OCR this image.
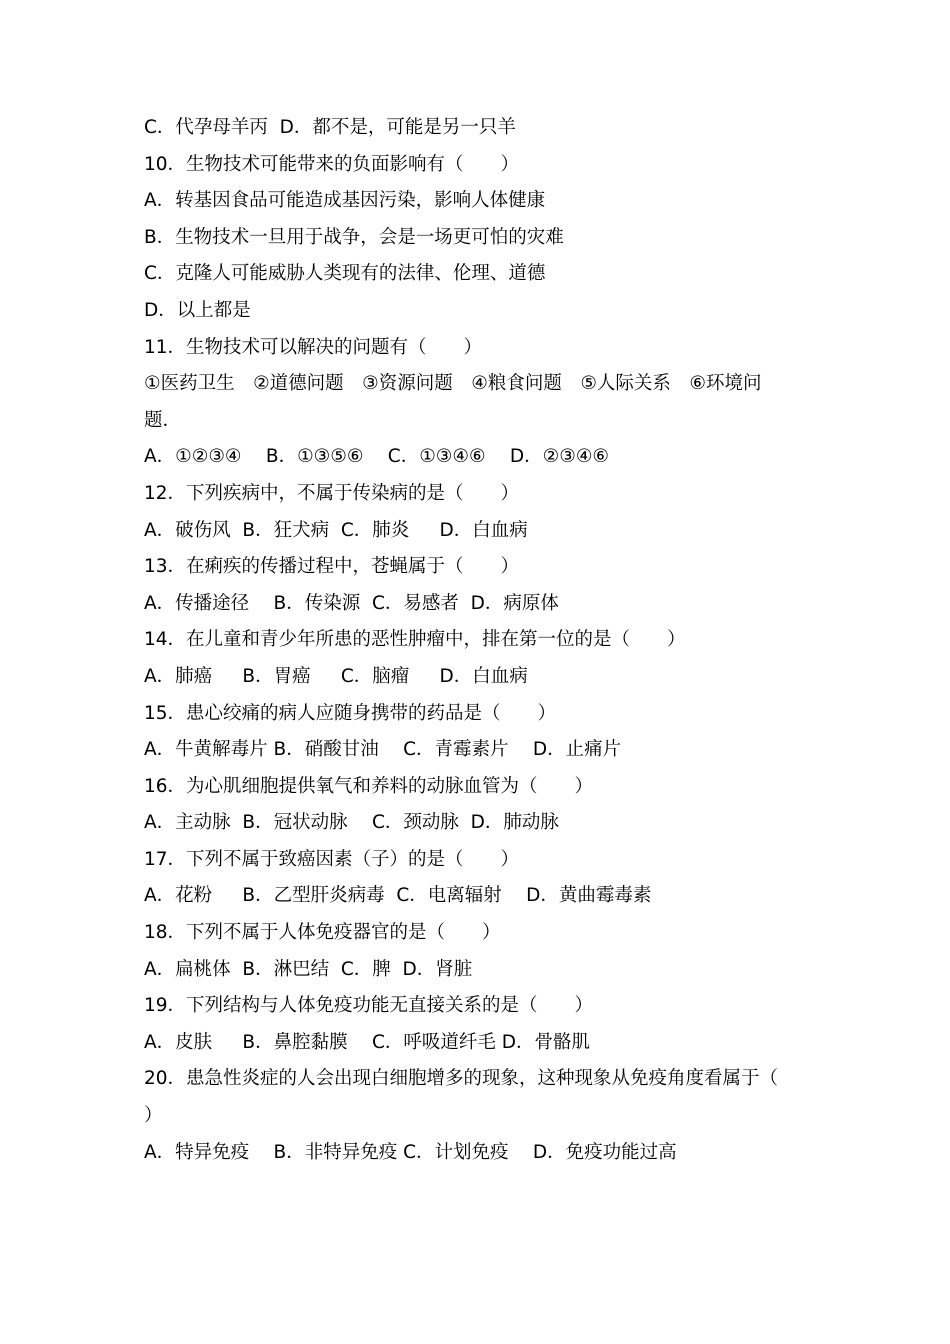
C．代孕母羊丙  D．都不是，可能是另一只羊
10．生物技术可能带来的负面影响有（　　）
A．转基因食品可能造成基因污染，影响人体健康
B．生物技术一旦用于战争，会是一场更可怕的灾难
C．克隆人可能威胁人类现有的法律、伦理、道德
D．以上都是
11．生物技术可以解决的问题有（　　）
①医药卫生　②道德问题　③资源问题　④粮食问题　⑤人际关系　⑥环境问
题．
A．①②③④　 B．①③⑤⑥　 C．①③④⑥　 D．②③④⑥
12．下列疾病中，不属于传染病的是（　　）
A．破伤风  B．狂犬病  C．肺炎　  D．白血病
13．在痢疾的传播过程中，苍蝇属于（　　）
A．传播途径　 B．传染源  C．易感者  D．病原体
14．在儿童和青少年所患的恶性肿瘤中，排在第一位的是（　　）
A．肺癌　  B．胃癌　  C．脑瘤　  D．白血病
15．患心绞痛的病人应随身携带的药品是（　　）
A．牛黄解毒片 B．硝酸甘油　 C．青霉素片　 D．止痛片
16．为心肌细胞提供氧气和养料的动脉血管为（　　）
A．主动脉  B．冠状动脉　 C．颈动脉  D．肺动脉
17．下列不属于致癌因素（子）的是（　　）
A．花粉　  B．乙型肝炎病毒  C．电离辐射　 D．黄曲霉毒素
18．下列不属于人体免疫器官的是（　　）
A．扁桃体  B．淋巴结  C．脾  D．肾脏
19．下列结构与人体免疫功能无直接关系的是（　　）
A．皮肤　  B．鼻腔黏膜　 C．呼吸道纤毛 D．骨骼肌
20．患急性炎症的人会出现白细胞增多的现象，这种现象从免疫角度看属于（
）
A．特异免疫　 B．非特异免疫 C．计划免疫　 D．免疫功能过高
